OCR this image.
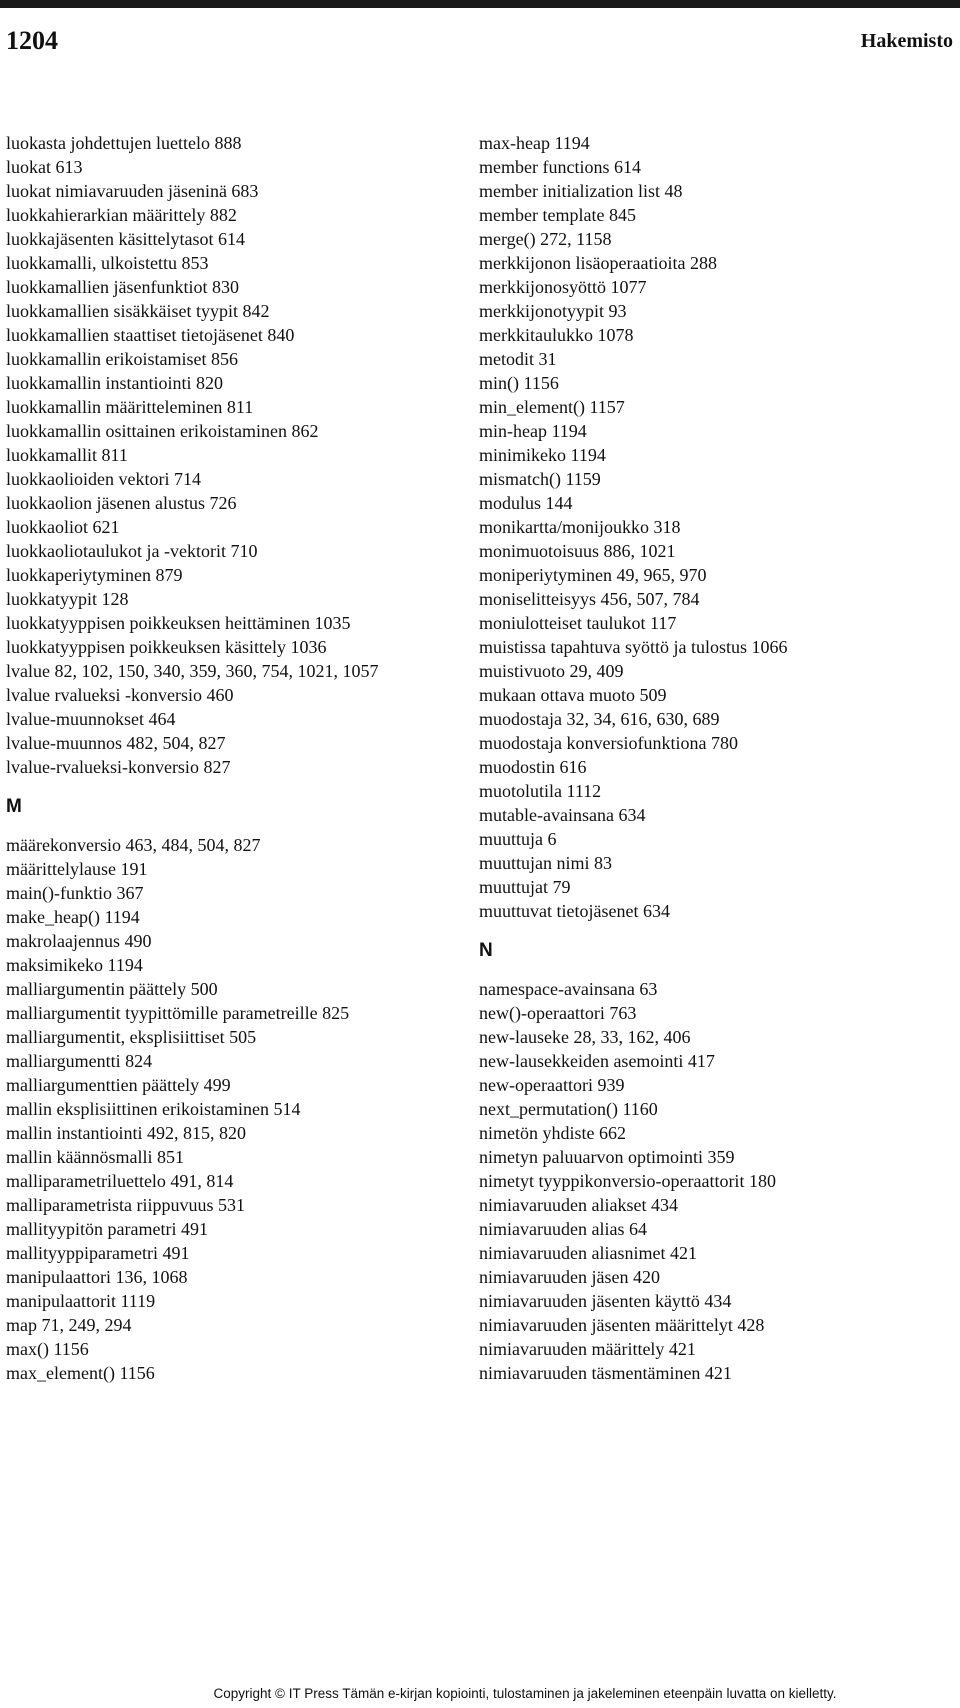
1204	Hakemisto
luokasta johdettujen luettelo 888
luokat 613
luokat nimiavaruuden jäseninä 683
luokkahierarkian määrittely 882
luokkajäsenten käsittelytasot 614
luokkamalli, ulkoistettu 853
luokkamallien jäsenfunktiot 830
luokkamallien sisäkkäiset tyypit 842
luokkamallien staattiset tietojäsenet 840
luokkamallin erikoistamiset 856
luokkamallin instantiointi 820
luokkamallin määritteleminen 811
luokkamallin osittainen erikoistaminen 862
luokkamallit 811
luokkaolioiden vektori 714
luokkaolion jäsenen alustus 726
luokkaoliot 621
luokkaoliotaulukot ja -vektorit 710
luokkaperiytyminen 879
luokkatyypit 128
luokkatyyppisen poikkeuksen heittäminen 1035
luokkatyyppisen poikkeuksen käsittely 1036
lvalue 82, 102, 150, 340, 359, 360, 754, 1021, 1057
lvalue rvalueksi -konversio 460
lvalue-muunnokset 464
lvalue-muunnos 482, 504, 827
lvalue-rvalueksi-konversio 827
M
määrekonversio 463, 484, 504, 827
määrittelylause 191
main()-funktio 367
make_heap() 1194
makrolaajennus 490
maksimikeko 1194
malliargumentin päättely 500
malliargumentit tyypittömille parametreille 825
malliargumentit, eksplisiittiset 505
malliargumentti 824
malliargumenttien päättely 499
mallin eksplisiittinen erikoistaminen 514
mallin instantiointi 492, 815, 820
mallin käännösmalli 851
malliparametriluettelo 491, 814
malliparametrista riippuvuus 531
mallityypitön parametri 491
mallityyppiparametri 491
manipulaattori 136, 1068
manipulaattorit 1119
map 71, 249, 294
max() 1156
max_element() 1156
max-heap 1194
member functions 614
member initialization list 48
member template 845
merge() 272, 1158
merkkijonon lisäoperaatioita 288
merkkijonosyöttö 1077
merkkijonotyypit 93
merkkitaulukko 1078
metodit 31
min() 1156
min_element() 1157
min-heap 1194
minimikeko 1194
mismatch() 1159
modulus 144
monikartta/monijoukko 318
monimuotoisuus 886, 1021
moniperiytyminen 49, 965, 970
moniselitteisyys 456, 507, 784
moniulotteiset taulukot 117
muistissa tapahtuva syöttö ja tulostus 1066
muistivuoto 29, 409
mukaan ottava muoto 509
muodostaja 32, 34, 616, 630, 689
muodostaja konversiofunktiona 780
muodostin 616
muotolutila 1112
mutable-avainsana 634
muuttuja 6
muuttujan nimi 83
muuttujat 79
muuttuvat tietojäsenet 634
N
namespace-avainsana 63
new()-operaattori 763
new-lauseke 28, 33, 162, 406
new-lausekkeiden asemointi 417
new-operaattori 939
next_permutation() 1160
nimetön yhdiste 662
nimetyn paluuarvon optimointi 359
nimetyt tyyppikonversio-operaattorit 180
nimiavaruuden aliakset 434
nimiavaruuden alias 64
nimiavaruuden aliasnimet 421
nimiavaruuden jäsen 420
nimiavaruuden jäsenten käyttö 434
nimiavaruuden jäsenten määrittelyt 428
nimiavaruuden määrittely 421
nimiavaruuden täsmentäminen 421
Copyright © IT Press Tämän e-kirjan kopiointi, tulostaminen ja jakeleminen eteenpäin luvatta on kielletty.
